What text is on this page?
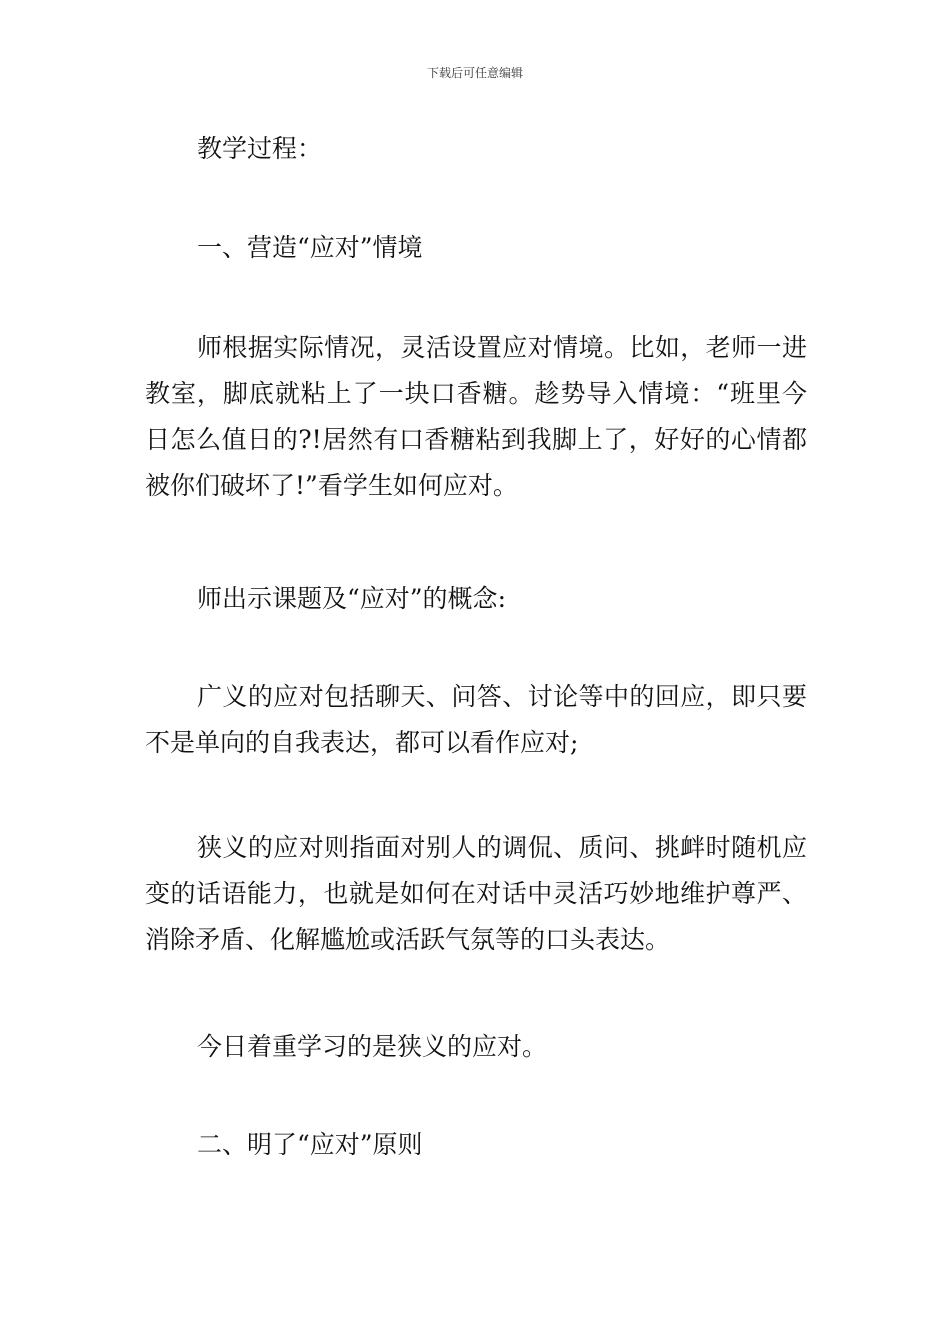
下载后可任意编辑

教学过程：

一、营造“应对”情境

师根据实际情况，灵活设置应对情境。比如，老师一进教室，脚底就粘上了一块口香糖。趁势导入情境：“班里今日怎么值日的?!居然有口香糖粘到我脚上了，好好的心情都被你们破坏了!”看学生如何应对。

师出示课题及“应对”的概念:

广义的应对包括聊天、问答、讨论等中的回应，即只要不是单向的自我表达，都可以看作应对;

狭义的应对则指面对别人的调侃、质问、挑衅时随机应变的话语能力，也就是如何在对话中灵活巧妙地维护尊严、消除矛盾、化解尴尬或活跃气氛等的口头表达。

今日着重学习的是狭义的应对。

二、明了“应对”原则
